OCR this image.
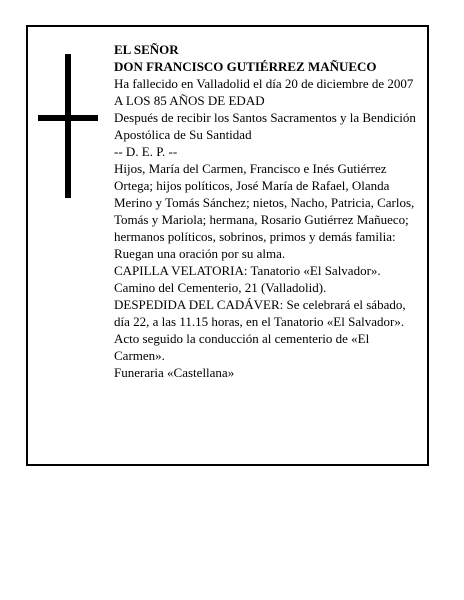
EL SEÑOR

DON FRANCISCO GUTIÉRREZ MAÑUECO

Ha fallecido en Valladolid el día 20 de diciembre de 2007

A LOS 85 AÑOS DE EDAD

Después de recibir los Santos Sacramentos y la Bendición Apostólica de Su Santidad

-- D. E. P. --

Hijos, María del Carmen, Francisco e Inés Gutiérrez Ortega; hijos políticos, José María de Rafael, Olanda Merino y Tomás Sánchez; nietos, Nacho, Patricia, Carlos, Tomás y Mariola; hermana, Rosario Gutiérrez Mañueco; hermanos políticos, sobrinos, primos y demás familia:

Ruegan una oración por su alma.

CAPILLA VELATORIA: Tanatorio «El Salvador». Camino del Cementerio, 21 (Valladolid).

DESPEDIDA DEL CADÁVER: Se celebrará el sábado, día 22, a las 11.15 horas, en el Tanatorio «El Salvador». Acto seguido la conducción al cementerio de «El Carmen».

Funeraria «Castellana»
